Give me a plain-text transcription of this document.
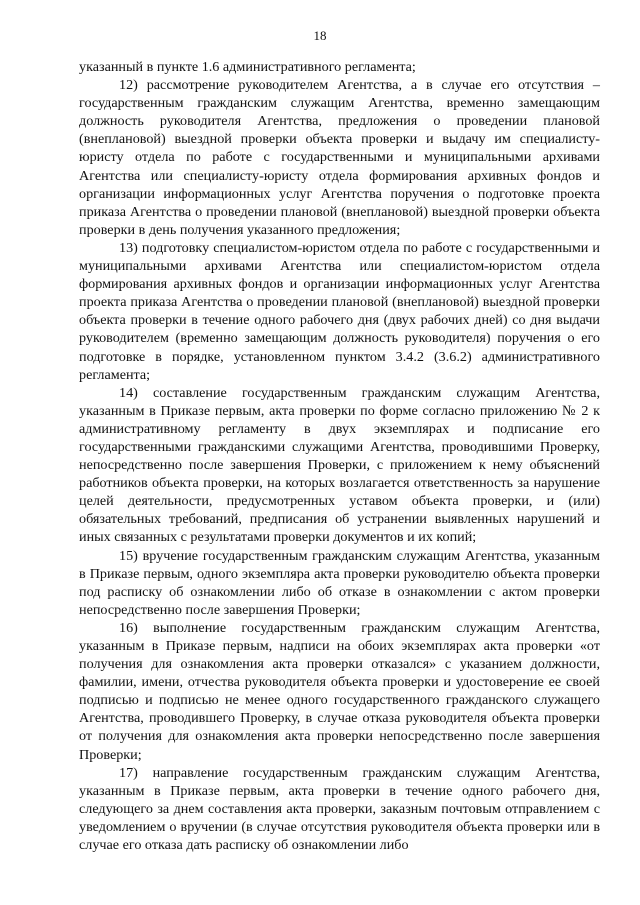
18

указанный в пункте 1.6 административного регламента;

12) рассмотрение руководителем Агентства, а в случае его отсутствия – государственным гражданским служащим Агентства, временно замещающим должность руководителя Агентства, предложения о проведении плановой (внеплановой) выездной проверки объекта проверки и выдачу им специалисту-юристу отдела по работе с государственными и муниципальными архивами Агентства или специалисту-юристу отдела формирования архивных фондов и организации информационных услуг Агентства поручения о подготовке проекта приказа Агентства о проведении плановой (внеплановой) выездной проверки объекта проверки в день получения указанного предложения;

13) подготовку специалистом-юристом отдела по работе с государственными и муниципальными архивами Агентства или специалистом-юристом отдела формирования архивных фондов и организации информационных услуг Агентства проекта приказа Агентства о проведении плановой (внеплановой) выездной проверки объекта проверки в течение одного рабочего дня (двух рабочих дней) со дня выдачи руководителем (временно замещающим должность руководителя) поручения о его подготовке в порядке, установленном пунктом 3.4.2 (3.6.2) административного регламента;

14) составление государственным гражданским служащим Агентства, указанным в Приказе первым, акта проверки по форме согласно приложению № 2 к административному регламенту в двух экземплярах и подписание его государственными гражданскими служащими Агентства, проводившими Проверку, непосредственно после завершения Проверки, с приложением к нему объяснений работников объекта проверки, на которых возлагается ответственность за нарушение целей деятельности, предусмотренных уставом объекта проверки, и (или) обязательных требований, предписания об устранении выявленных нарушений и иных связанных с результатами проверки документов и их копий;

15) вручение государственным гражданским служащим Агентства, указанным в Приказе первым, одного экземпляра акта проверки руководителю объекта проверки под расписку об ознакомлении либо об отказе в ознакомлении с актом проверки непосредственно после завершения Проверки;

16) выполнение государственным гражданским служащим Агентства, указанным в Приказе первым, надписи на обоих экземплярах акта проверки «от получения для ознакомления акта проверки отказался» с указанием должности, фамилии, имени, отчества руководителя объекта проверки и удостоверение ее своей подписью и подписью не менее одного государственного гражданского служащего Агентства, проводившего Проверку, в случае отказа руководителя объекта проверки от получения для ознакомления акта проверки непосредственно после завершения Проверки;

17) направление государственным гражданским служащим Агентства, указанным в Приказе первым, акта проверки в течение одного рабочего дня, следующего за днем составления акта проверки, заказным почтовым отправлением с уведомлением о вручении (в случае отсутствия руководителя объекта проверки или в случае его отказа дать расписку об ознакомлении либо
